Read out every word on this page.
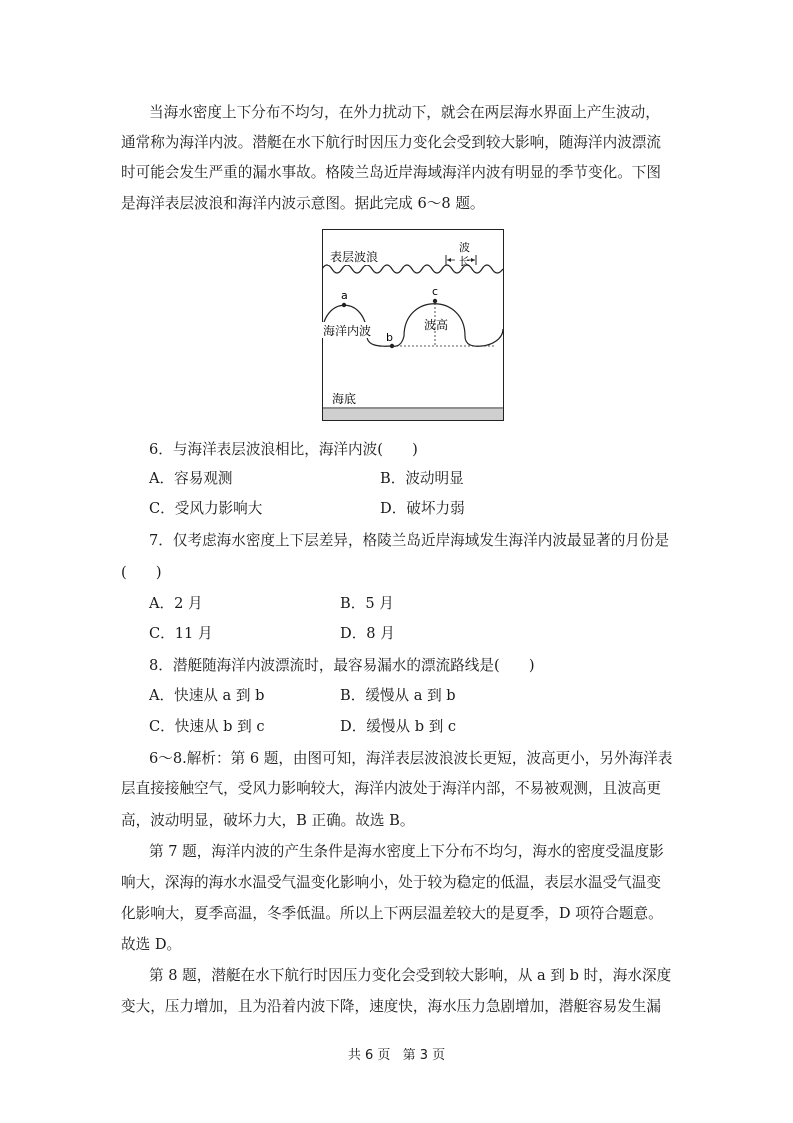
当海水密度上下分布不均匀，在外力扰动下，就会在两层海水界面上产生波动，
通常称为海洋内波。潜艇在水下航行时因压力变化会受到较大影响，随海洋内波漂流
时可能会发生严重的漏水事故。格陵兰岛近岸海域海洋内波有明显的季节变化。下图
是海洋表层波浪和海洋内波示意图。据此完成 6～8 题。
表层波浪
波
长
a
b
c
海洋内波	波高
海底
6．与海洋表层波浪相比，海洋内波(　　)
A．容易观测	B．波动明显
C．受风力影响大	D．破坏力弱
7．仅考虑海水密度上下层差异，格陵兰岛近岸海域发生海洋内波最显著的月份是
(　　)
A．2 月	B．5 月
C．11 月	D．8 月
8．潜艇随海洋内波漂流时，最容易漏水的漂流路线是(　　)
A．快速从 a 到 b	B．缓慢从 a 到 b
C．快速从 b 到 c	D．缓慢从 b 到 c
6～8.解析：第 6 题，由图可知，海洋表层波浪波长更短，波高更小，另外海洋表
层直接接触空气，受风力影响较大，海洋内波处于海洋内部，不易被观测，且波高更
高，波动明显，破坏力大，B 正确。故选 B。
第 7 题，海洋内波的产生条件是海水密度上下分布不均匀，海水的密度受温度影
响大，深海的海水水温受气温变化影响小，处于较为稳定的低温，表层水温受气温变
化影响大，夏季高温，冬季低温。所以上下两层温差较大的是夏季，D 项符合题意。
故选 D。
第 8 题，潜艇在水下航行时因压力变化会受到较大影响，从 a 到 b 时，海水深度
变大，压力增加，且为沿着内波下降，速度快，海水压力急剧增加，潜艇容易发生漏
共 6 页 第 3 页
